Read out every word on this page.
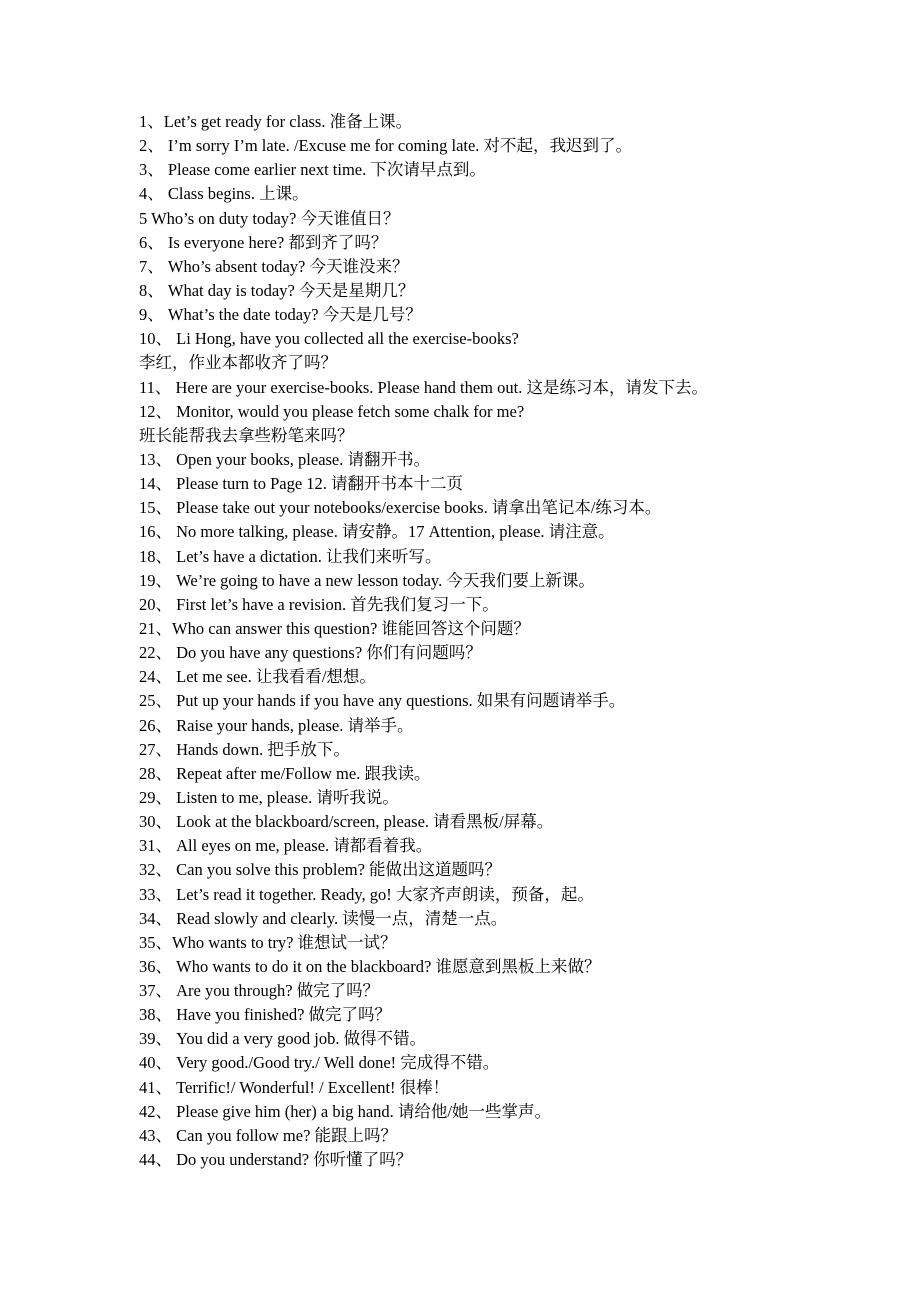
1、Let’s get ready for class. 准备上课。
2、 I’m sorry I’m late. /Excuse me for coming late. 对不起，我迟到了。
3、 Please come earlier next time. 下次请早点到。
4、 Class begins. 上课。
5 Who’s on duty today? 今天谁值日？
6、 Is everyone here? 都到齐了吗？
7、 Who’s absent today? 今天谁没来？
8、 What day is today? 今天是星期几？
9、 What’s the date today? 今天是几号？
10、 Li Hong, have you collected all the exercise-books?
李红，作业本都收齐了吗？
11、 Here are your exercise-books. Please hand them out. 这是练习本，请发下去。
12、 Monitor, would you please fetch some chalk for me?
班长能帮我去拿些粉笔来吗？
13、 Open your books, please. 请翻开书。
14、 Please turn to Page 12. 请翻开书本十二页
15、 Please take out your notebooks/exercise books. 请拿出笔记本/练习本。
16、 No more talking, please. 请安静。17 Attention, please. 请注意。
18、 Let’s have a dictation. 让我们来听写。
19、 We’re going to have a new lesson today. 今天我们要上新课。
20、 First let’s have a revision. 首先我们复习一下。
21、Who can answer this question? 谁能回答这个问题？
22、 Do you have any questions? 你们有问题吗？
24、 Let me see. 让我看看/想想。
25、 Put up your hands if you have any questions. 如果有问题请举手。
26、 Raise your hands, please. 请举手。
27、 Hands down. 把手放下。
28、 Repeat after me/Follow me. 跟我读。
29、 Listen to me, please. 请听我说。
30、 Look at the blackboard/screen, please. 请看黑板/屏幕。
31、 All eyes on me, please. 请都看着我。
32、 Can you solve this problem? 能做出这道题吗？
33、 Let’s read it together. Ready, go! 大家齐声朗读，预备，起。
34、 Read slowly and clearly. 读慢一点，清楚一点。
35、Who wants to try? 谁想试一试？
36、 Who wants to do it on the blackboard? 谁愿意到黑板上来做？
37、 Are you through? 做完了吗？
38、 Have you finished? 做完了吗？
39、 You did a very good job. 做得不错。
40、 Very good./Good try./ Well done! 完成得不错。
41、 Terrific!/ Wonderful! / Excellent! 很棒！
42、 Please give him (her) a big hand. 请给他/她一些掌声。
43、 Can you follow me? 能跟上吗？
44、 Do you understand? 你听懂了吗？
